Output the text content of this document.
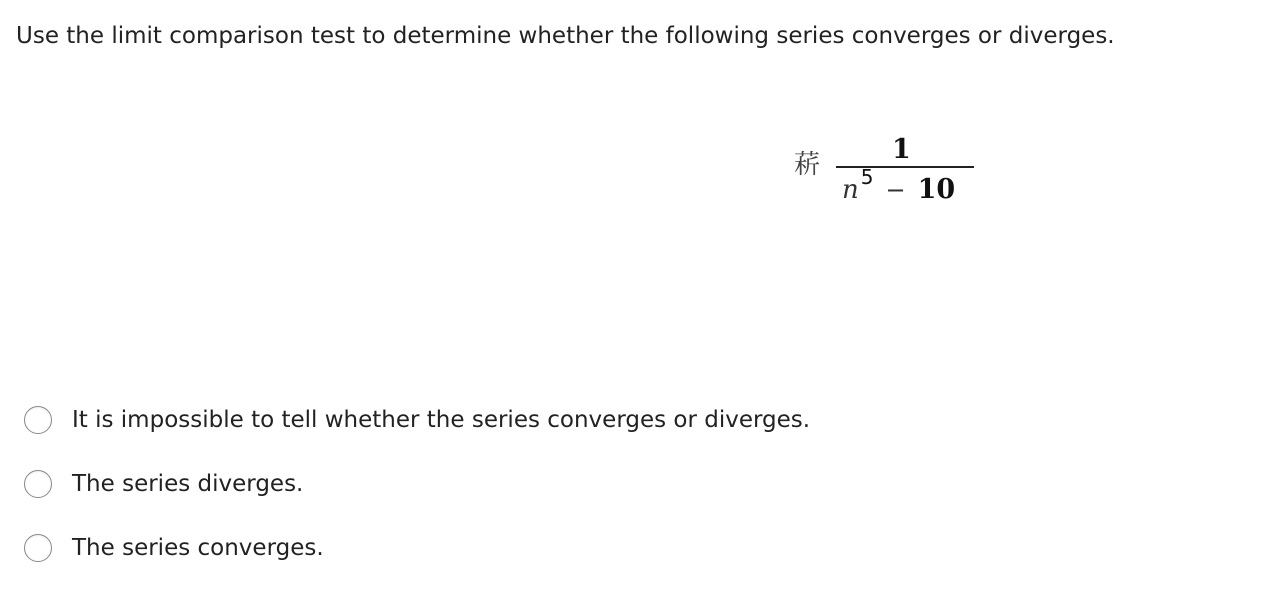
Use the limit comparison test to determine whether the following series converges or diverges.
菥	1
n $^5$ − 10
It is impossible to tell whether the series converges or diverges.
The series diverges.
The series converges.
